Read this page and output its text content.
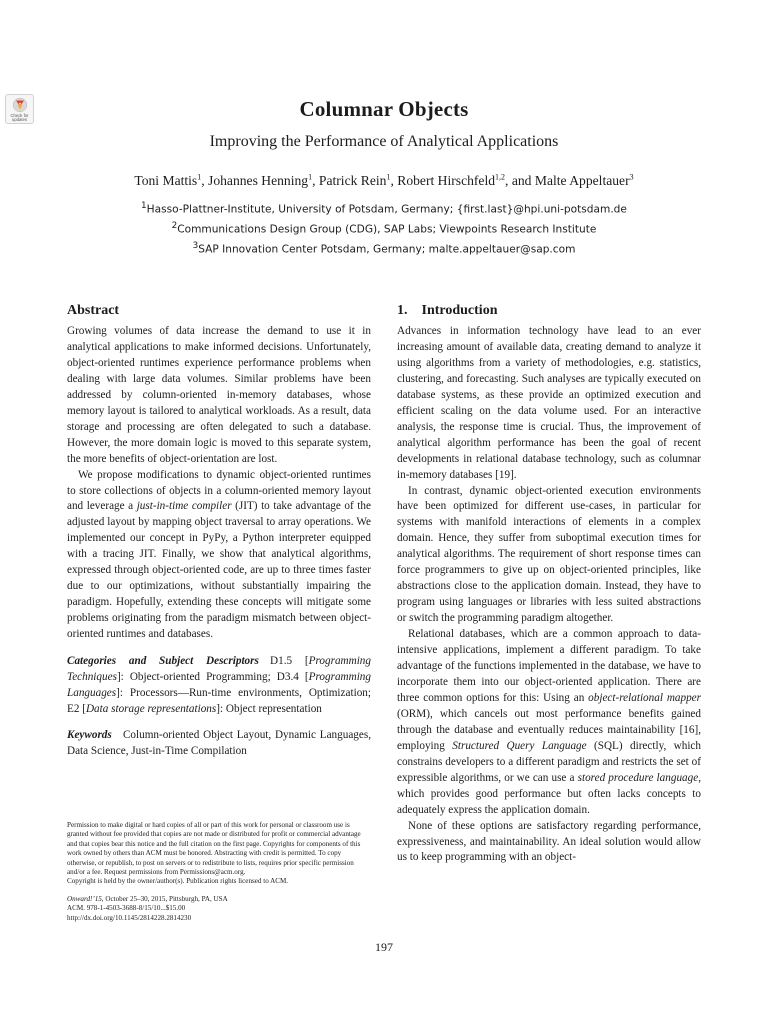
Check for
updates	Columnar Objects
Improving the Performance of Analytical Applications
Toni Mattis$^1$, Johannes Henning$^1$, Patrick Rein$^1$, Robert Hirschfeld$^{1,2}$, and Malte Appeltauer$^3$
$^1$Hasso-Plattner-Institute, University of Potsdam, Germany; {first.last}@hpi.uni-potsdam.de
$^2$Communications Design Group (CDG), SAP Labs; Viewpoints Research Institute
$^3$SAP Innovation Center Potsdam, Germany; malte.appeltauer@sap.com
Abstract

Growing volumes of data increase the demand to use it in analytical applications to make informed decisions. Unfortunately, object-oriented runtimes experience performance problems when dealing with large data volumes. Similar problems have been addressed by column-oriented in-memory databases, whose memory layout is tailored to analytical workloads. As a result, data storage and processing are often delegated to such a database. However, the more domain logic is moved to this separate system, the more benefits of object-orientation are lost.

We propose modifications to dynamic object-oriented runtimes to store collections of objects in a column-oriented memory layout and leverage a just-in-time compiler (JIT) to take advantage of the adjusted layout by mapping object traversal to array operations. We implemented our concept in PyPy, a Python interpreter equipped with a tracing JIT. Finally, we show that analytical algorithms, expressed through object-oriented code, are up to three times faster due to our optimizations, without substantially impairing the paradigm. Hopefully, extending these concepts will mitigate some problems originating from the paradigm mismatch between object-oriented runtimes and databases.

Categories and Subject Descriptors  D1.5 [Programming Techniques]: Object-oriented Programming; D3.4 [Programming Languages]: Processors—Run-time environments, Optimization; E2 [Data storage representations]: Object representation

Keywords  Column-oriented Object Layout, Dynamic Languages, Data Science, Just-in-Time Compilation

Permission to make digital or hard copies of all or part of this work for personal or classroom use is granted without fee provided that copies are not made or distributed for profit or commercial advantage and that copies bear this notice and the full citation on the first page. Copyrights for components of this work owned by others than ACM must be honored. Abstracting with credit is permitted. To copy otherwise, or republish, to post on servers or to redistribute to lists, requires prior specific permission and/or a fee. Request permissions from Permissions@acm.org.

Copyright is held by the owner/author(s). Publication rights licensed to ACM.

Onward!’15, October 25–30, 2015, Pittsburgh, PA, USA

ACM. 978-1-4503-3688-8/15/10...$15.00

http://dx.doi.org/10.1145/2814228.2814230

1. Introduction

Advances in information technology have lead to an ever increasing amount of available data, creating demand to analyze it using algorithms from a variety of methodologies, e.g. statistics, clustering, and forecasting. Such analyses are typically executed on database systems, as these provide an optimized execution and efficient scaling on the data volume used. For an interactive analysis, the response time is crucial. Thus, the improvement of analytical algorithm performance has been the goal of recent developments in relational database technology, such as columnar in-memory databases [19].

In contrast, dynamic object-oriented execution environments have been optimized for different use-cases, in particular for systems with manifold interactions of elements in a complex domain. Hence, they suffer from suboptimal execution times for analytical algorithms. The requirement of short response times can force programmers to give up on object-oriented principles, like abstractions close to the application domain. Instead, they have to program using languages or libraries with less suited abstractions or switch the programming paradigm altogether.

Relational databases, which are a common approach to data-intensive applications, implement a different paradigm. To take advantage of the functions implemented in the database, we have to incorporate them into our object-oriented application. There are three common options for this: Using an object-relational mapper (ORM), which cancels out most performance benefits gained through the database and eventually reduces maintainability [16], employing Structured Query Language (SQL) directly, which constrains developers to a different paradigm and restricts the set of expressible algorithms, or we can use a stored procedure language, which provides good performance but often lacks concepts to adequately express the application domain.

None of these options are satisfactory regarding performance, expressiveness, and maintainability. An ideal solution would allow us to keep programming with an object-

197
